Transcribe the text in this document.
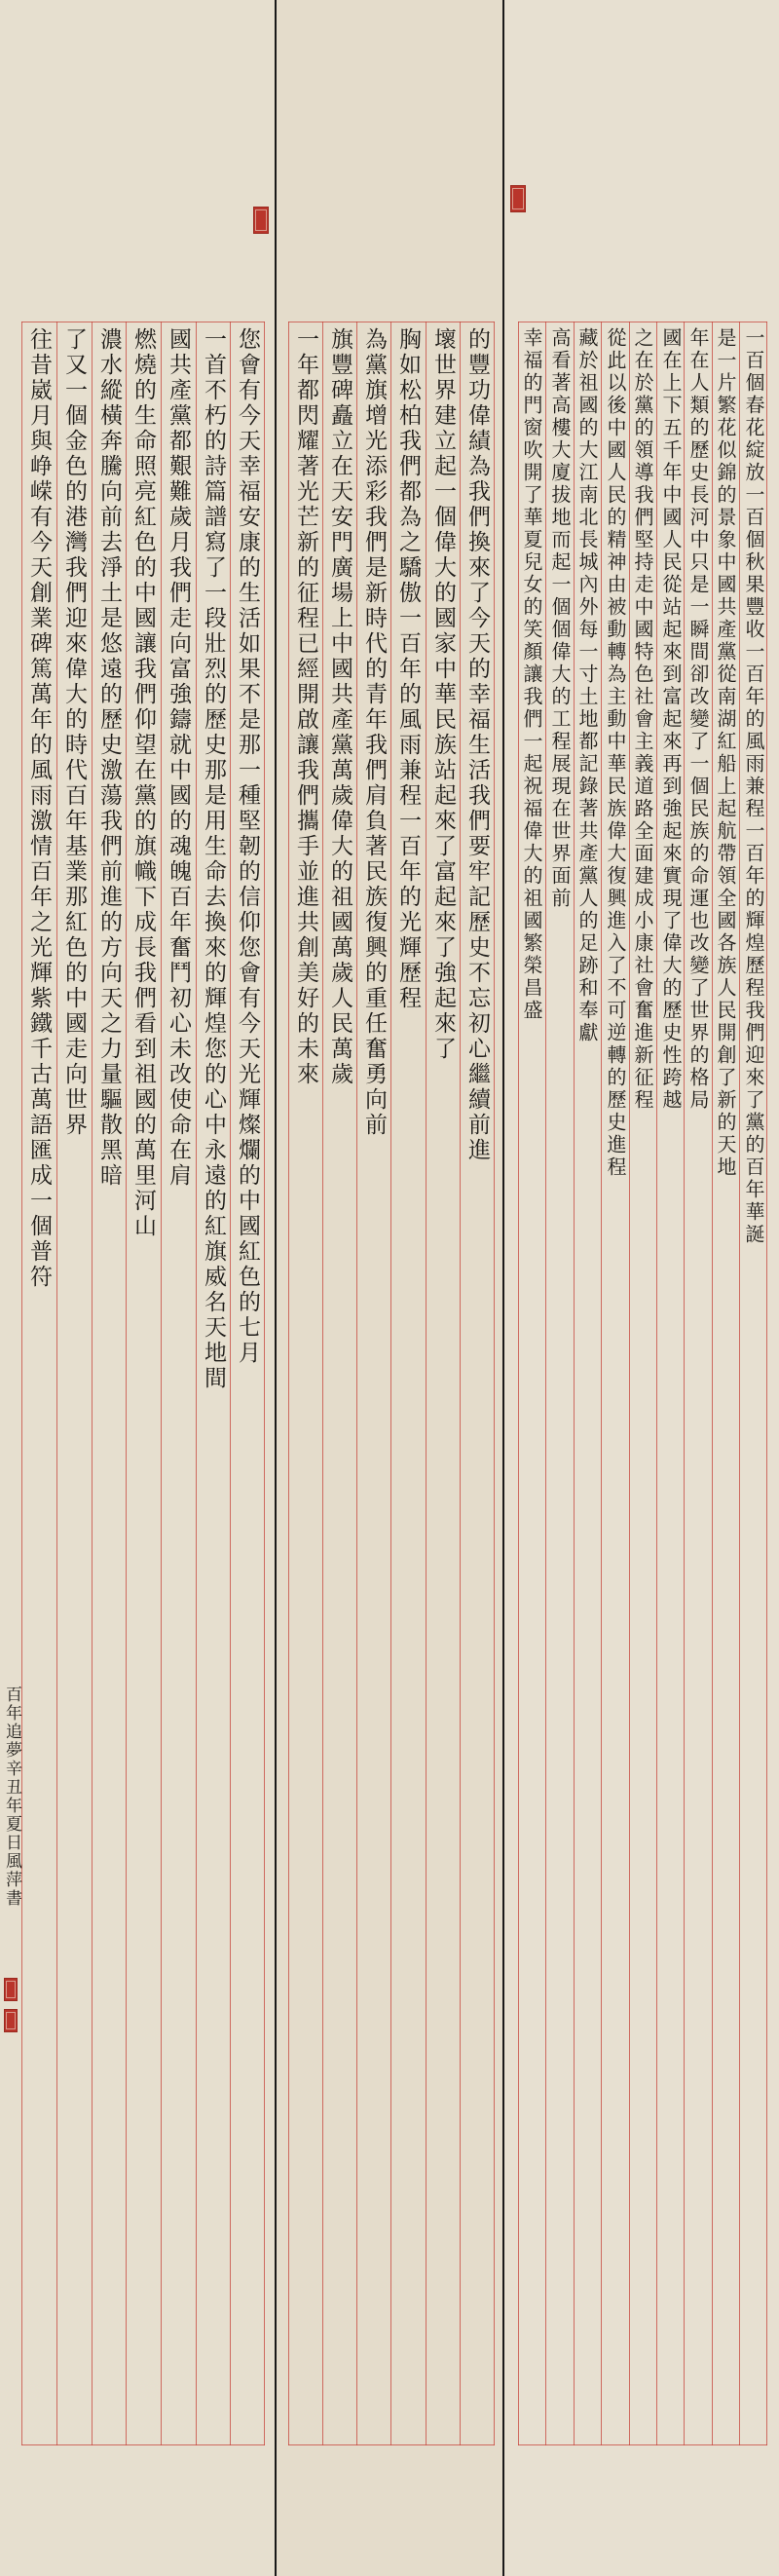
往昔崴月與峥嵘有今天創業碑篤萬年的風雨激情百年之光輝紫鐵千古萬語匯成一個普符 了又一個金色的港灣我們迎來偉大的時代百年基業那紅色的中國走向世界 濃水縱橫奔騰向前去淨土是悠遠的歷史激蕩我們前進的方向天之力量驅散黑暗 燃燒的生命照亮紅色的中國讓我們仰望在黨的旗幟下成長我們看到祖國的萬里河山 國共產黨都艱難歲月我們走向富強鑄就中國的魂魄百年奮鬥初心未改使命在肩 一首不朽的詩篇譜寫了一段壯烈的歷史那是用生命去換來的輝煌您的心中永遠的紅旗威名天地間 您會有今天幸福安康的生活如果不是那一種堅韌的信仰您會有今天光輝燦爛的中國紅色的七月
百年追夢辛丑年夏日風萍書
一年都閃耀著光芒新的征程已經開啟讓我們攜手並進共創美好的未來 旗豐碑矗立在天安門廣場上中國共產黨萬歲偉大的祖國萬歲人民萬歲 為黨旗增光添彩我們是新時代的青年我們肩負著民族復興的重任奮勇向前 胸如松柏我們都為之驕傲一百年的風雨兼程一百年的光輝歷程 壞世界建立起一個偉大的國家中華民族站起來了富起來了強起來了 的豐功偉績為我們換來了今天的幸福生活我們要牢記歷史不忘初心繼續前進 幸福的門窗吹開了華夏兒女的笑顏讓我們一起祝福偉大的祖國繁榮昌盛 高看著高樓大廈拔地而起一個個偉大的工程展現在世界面前 藏於祖國的大江南北長城內外每一寸土地都記錄著共產黨人的足跡和奉獻 從此以後中國人民的精神由被動轉為主動中華民族偉大復興進入了不可逆轉的歷史進程 之在於黨的領導我們堅持走中國特色社會主義道路全面建成小康社會奮進新征程 國在上下五千年中國人民從站起來到富起來再到強起來實現了偉大的歷史性跨越 年在人類的歷史長河中只是一瞬間卻改變了一個民族的命運也改變了世界的格局 是一片繁花似錦的景象中國共產黨從南湖紅船上起航帶領全國各族人民開創了新的天地 一百個春花綻放一百個秋果豐收一百年的風雨兼程一百年的輝煌歷程我們迎來了黨的百年華誕
